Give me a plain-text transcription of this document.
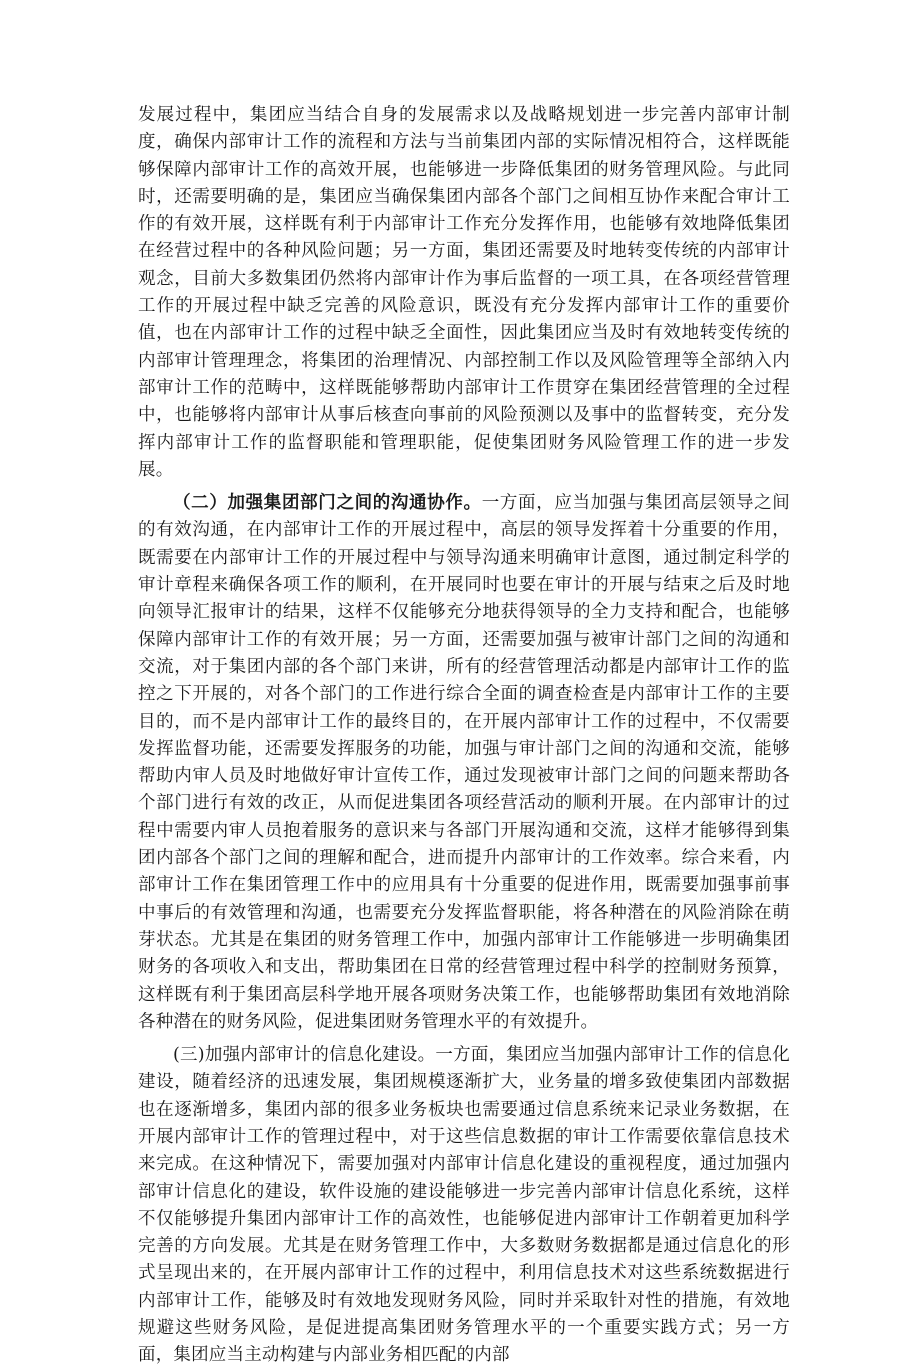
发展过程中，集团应当结合自身的发展需求以及战略规划进一步完善内部审计制度，确保内部审计工作的流程和方法与当前集团内部的实际情况相符合，这样既能够保障内部审计工作的高效开展，也能够进一步降低集团的财务管理风险。与此同时，还需要明确的是，集团应当确保集团内部各个部门之间相互协作来配合审计工作的有效开展，这样既有利于内部审计工作充分发挥作用，也能够有效地降低集团在经营过程中的各种风险问题；另一方面，集团还需要及时地转变传统的内部审计观念，目前大多数集团仍然将内部审计作为事后监督的一项工具，在各项经营管理工作的开展过程中缺乏完善的风险意识，既没有充分发挥内部审计工作的重要价值，也在内部审计工作的过程中缺乏全面性，因此集团应当及时有效地转变传统的内部审计管理理念，将集团的治理情况、内部控制工作以及风险管理等全部纳入内部审计工作的范畴中，这样既能够帮助内部审计工作贯穿在集团经营管理的全过程中，也能够将内部审计从事后核查向事前的风险预测以及事中的监督转变，充分发挥内部审计工作的监督职能和管理职能，促使集团财务风险管理工作的进一步发展。

（二）加强集团部门之间的沟通协作。一方面，应当加强与集团高层领导之间的有效沟通，在内部审计工作的开展过程中，高层的领导发挥着十分重要的作用，既需要在内部审计工作的开展过程中与领导沟通来明确审计意图，通过制定科学的审计章程来确保各项工作的顺利，在开展同时也要在审计的开展与结束之后及时地向领导汇报审计的结果，这样不仅能够充分地获得领导的全力支持和配合，也能够保障内部审计工作的有效开展；另一方面，还需要加强与被审计部门之间的沟通和交流，对于集团内部的各个部门来讲，所有的经营管理活动都是内部审计工作的监控之下开展的，对各个部门的工作进行综合全面的调查检查是内部审计工作的主要目的，而不是内部审计工作的最终目的，在开展内部审计工作的过程中，不仅需要发挥监督功能，还需要发挥服务的功能，加强与审计部门之间的沟通和交流，能够帮助内审人员及时地做好审计宣传工作，通过发现被审计部门之间的问题来帮助各个部门进行有效的改正，从而促进集团各项经营活动的顺利开展。在内部审计的过程中需要内审人员抱着服务的意识来与各部门开展沟通和交流，这样才能够得到集团内部各个部门之间的理解和配合，进而提升内部审计的工作效率。综合来看，内部审计工作在集团管理工作中的应用具有十分重要的促进作用，既需要加强事前事中事后的有效管理和沟通，也需要充分发挥监督职能，将各种潜在的风险消除在萌芽状态。尤其是在集团的财务管理工作中，加强内部审计工作能够进一步明确集团财务的各项收入和支出，帮助集团在日常的经营管理过程中科学的控制财务预算，这样既有利于集团高层科学地开展各项财务决策工作，也能够帮助集团有效地消除各种潜在的财务风险，促进集团财务管理水平的有效提升。

(三)加强内部审计的信息化建设。一方面，集团应当加强内部审计工作的信息化建设，随着经济的迅速发展，集团规模逐渐扩大，业务量的增多致使集团内部数据也在逐渐增多，集团内部的很多业务板块也需要通过信息系统来记录业务数据，在开展内部审计工作的管理过程中，对于这些信息数据的审计工作需要依靠信息技术来完成。在这种情况下，需要加强对内部审计信息化建设的重视程度，通过加强内部审计信息化的建设，软件设施的建设能够进一步完善内部审计信息化系统，这样不仅能够提升集团内部审计工作的高效性，也能够促进内部审计工作朝着更加科学完善的方向发展。尤其是在财务管理工作中，大多数财务数据都是通过信息化的形式呈现出来的，在开展内部审计工作的过程中，利用信息技术对这些系统数据进行内部审计工作，能够及时有效地发现财务风险，同时并采取针对性的措施，有效地规避这些财务风险，是促进提高集团财务管理水平的一个重要实践方式；另一方面，集团应当主动构建与内部业务相匹配的内部
